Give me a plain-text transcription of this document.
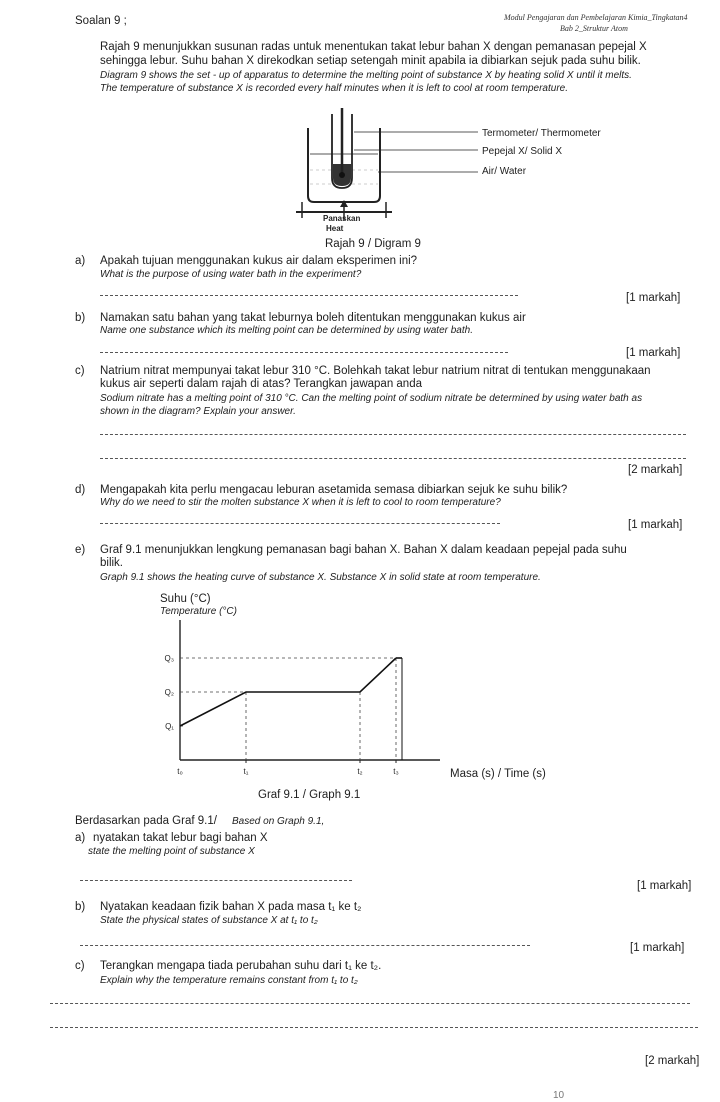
Soalan 9 ;	Modul Pengajaran dan Pembelajaran Kimia_Tingkatan4
Bab 2_Struktur Atom
Rajah 9 menunjukkan susunan radas untuk menentukan takat lebur bahan X dengan pemanasan pepejal X
sehingga lebur. Suhu bahan X direkodkan setiap setengah minit apabila ia dibiarkan sejuk pada suhu bilik.
Diagram 9 shows the set - up of apparatus to determine the melting point of substance X by heating solid X until it melts.
The temperature of substance X is recorded every half minutes when it is left to cool at room temperature.
Termometer/ Thermometer
Pepejal X/ Solid X
Air/ Water
Panaskan
Heat
Rajah 9 / Digram 9
a) Apakah tujuan menggunakan kukus air dalam eksperimen ini?
What is the purpose of using water bath in the experiment?
[1 markah]
b) Namakan satu bahan yang takat leburnya boleh ditentukan menggunakan kukus air
Name one substance which its melting point can be determined by using water bath.
[1 markah]
c) Natrium nitrat mempunyai takat lebur 310 °C. Bolehkah takat lebur natrium nitrat di tentukan menggunakaan
kukus air seperti dalam rajah di atas? Terangkan jawapan anda
Sodium nitrate has a melting point of 310 °C. Can the melting point of sodium nitrate be determined by using water bath as
shown in the diagram? Explain your answer.
[2 markah]
d) Mengapakah kita perlu mengacau leburan asetamida semasa dibiarkan sejuk ke suhu bilik?
Why do we need to stir the molten substance X when it is left to cool to room temperature?
[1 markah]
e) Graf 9.1 menunjukkan lengkung pemanasan bagi bahan X. Bahan X dalam keadaan pepejal pada suhu
bilik.
Graph 9.1 shows the heating curve of substance X. Substance X in solid state at room temperature.
Suhu (°C)
Temperature (°C)
t₀	t₁	t₂	t₃
Q₁
Q₂
Q₃
Masa (s) / Time (s)
Graf 9.1 / Graph 9.1
Berdasarkan pada Graf 9.1/ Based on Graph 9.1,
a) nyatakan takat lebur bagi bahan X
state the melting point of substance X
[1 markah]
b) Nyatakan keadaan fizik bahan X pada masa t₁ ke t₂
State the physical states of substance X at t₁ to t₂
[1 markah]
c) Terangkan mengapa tiada perubahan suhu dari t₁ ke t₂.
Explain why the temperature remains constant from t₁ to t₂
[2 markah]
10
